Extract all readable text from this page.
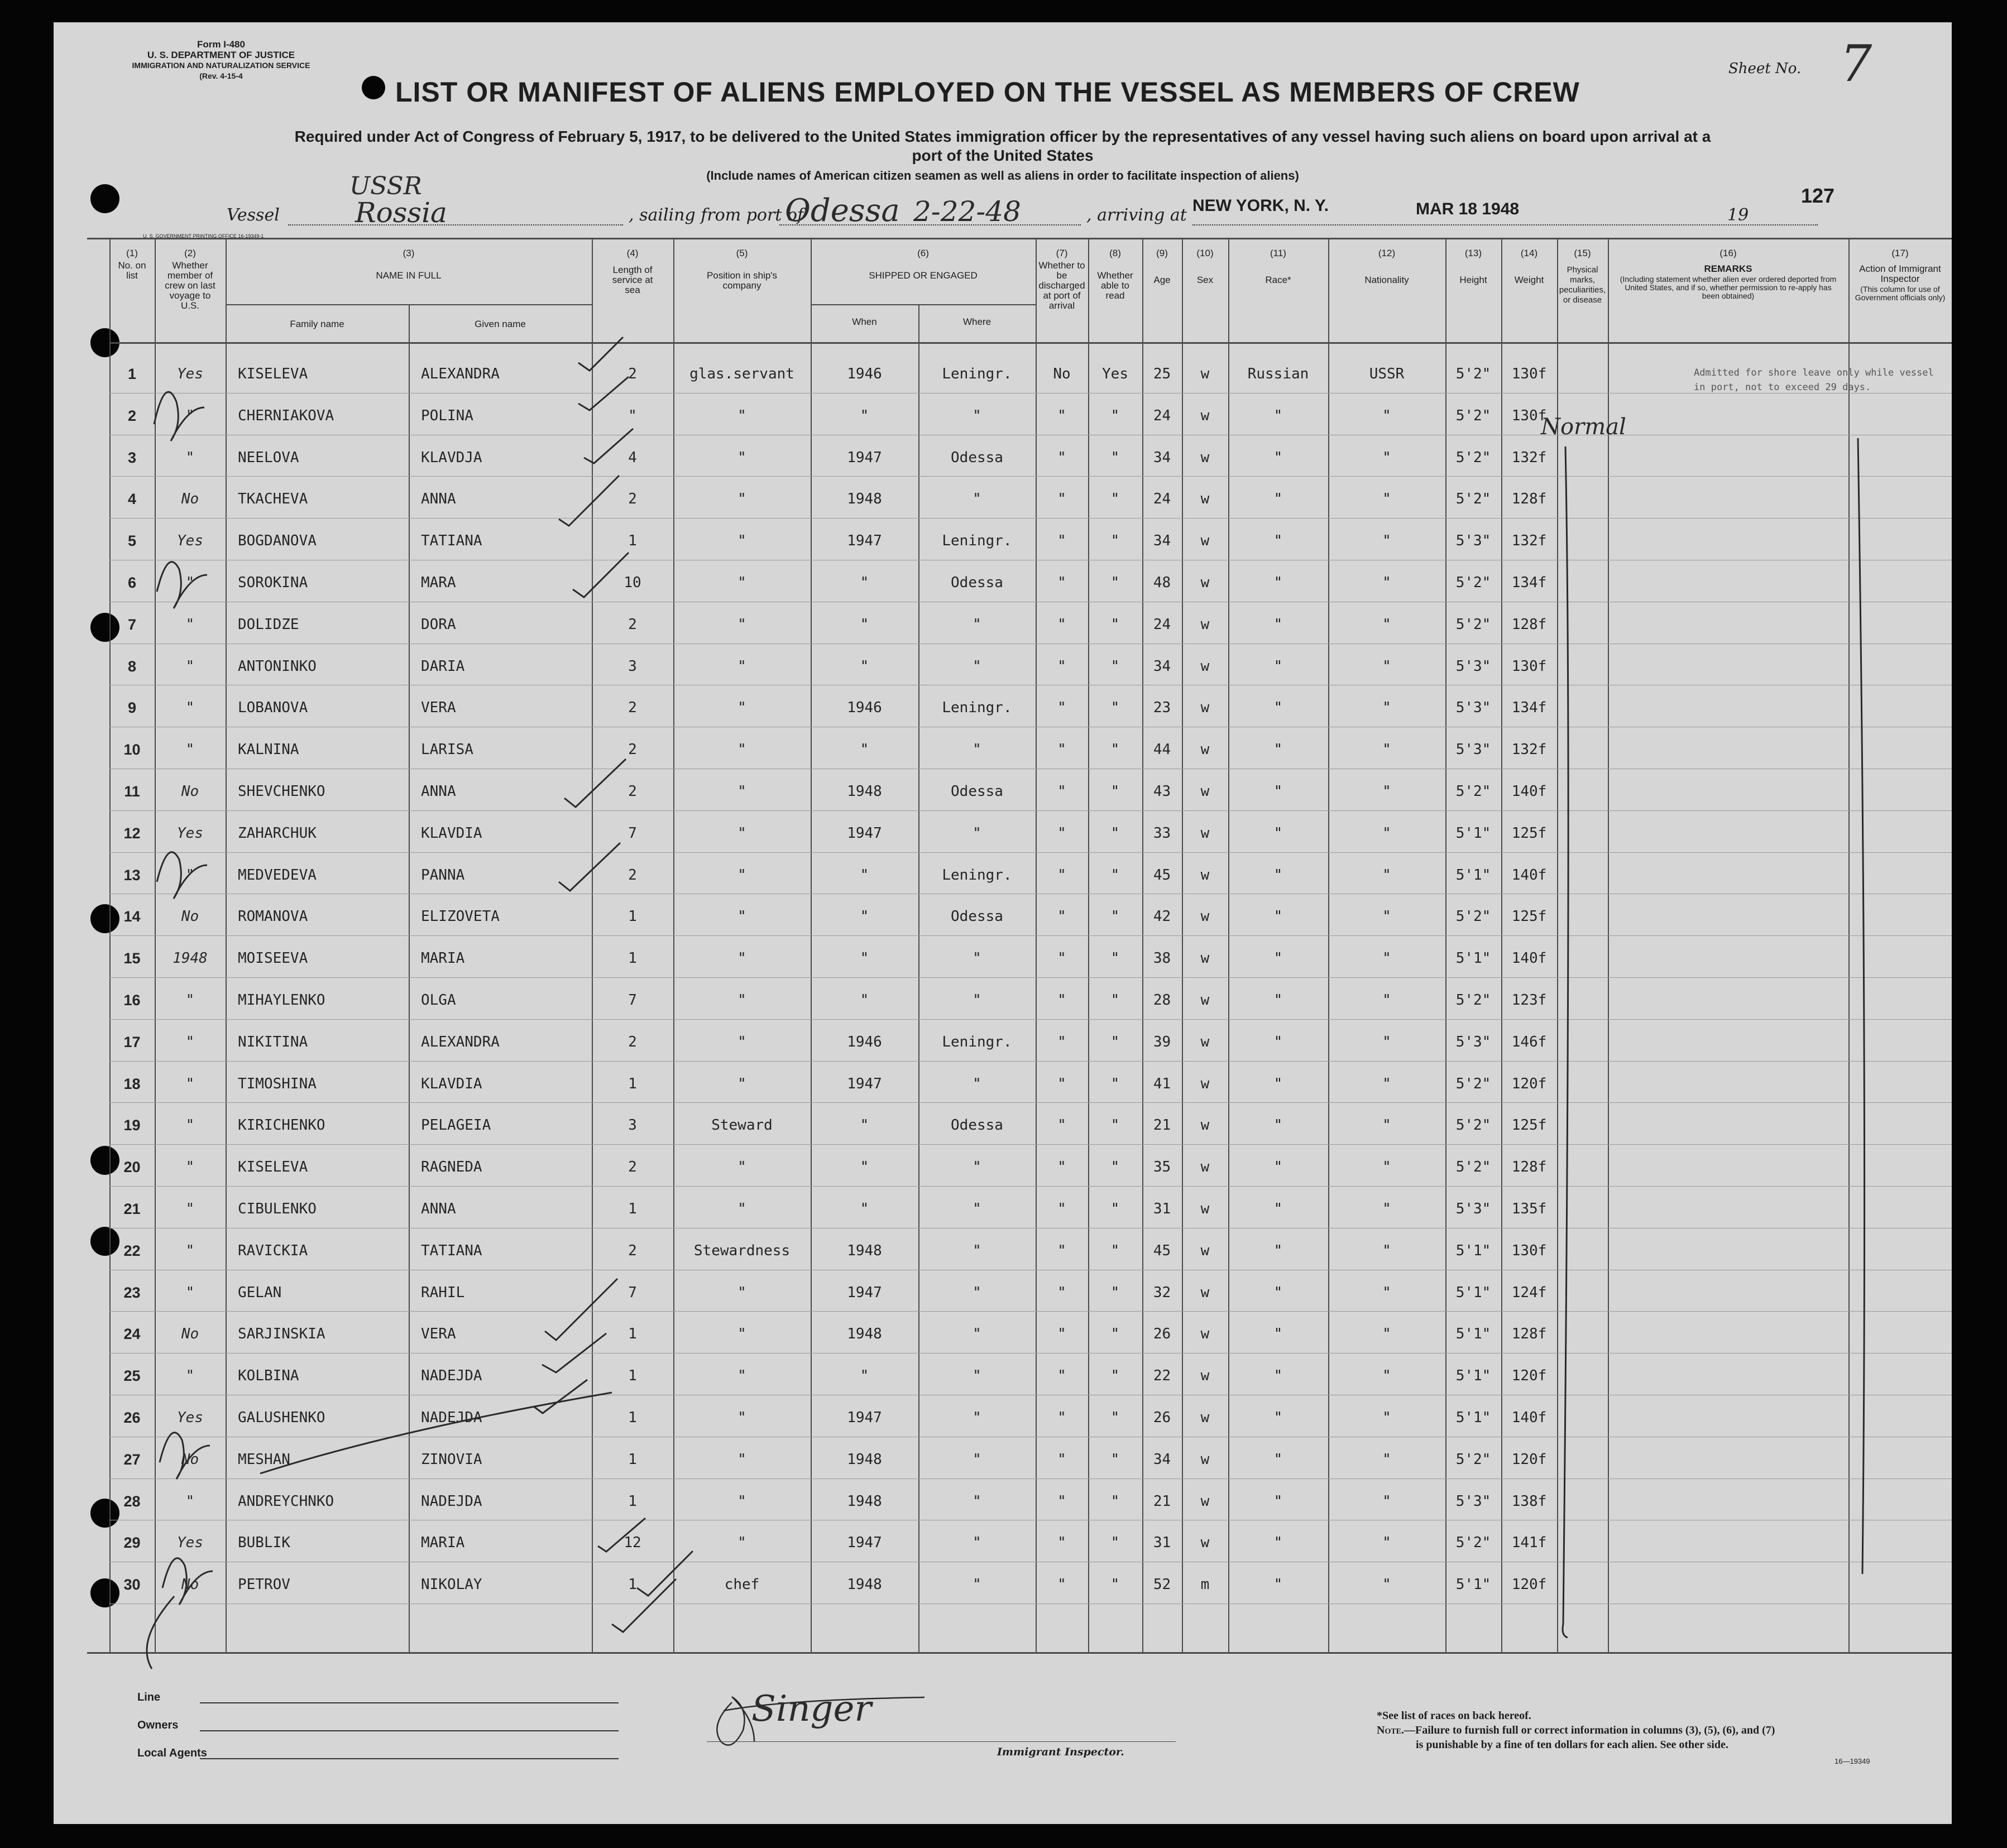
Form I-480
U. S. DEPARTMENT OF JUSTICE
IMMIGRATION AND NATURALIZATION SERVICE
(Rev. 4-15-4	Sheet No. 7
LIST OR MANIFEST OF ALIENS EMPLOYED ON THE VESSEL AS MEMBERS OF CREW
Required under Act of Congress of February 5, 1917, to be delivered to the United States immigration officer by the representatives of any vessel having such aliens on board upon arrival at a
port of the United States
(Include names of American citizen seamen as well as aliens in order to facilitate inspection of aliens)
Vessel
USSR
Rossia	, sailing from port of
Odessa 2-22-48	, arriving at NEW YORK, N. Y.	MAR 18 1948	19
127
U. S. GOVERNMENT PRINTING OFFICE 16-19349-1
(1)
No. on list
(2)
Whether member of crew on last voyage to U.S.
(3)
NAME IN FULL
Family name	Given name
(4)
Length of service at sea
(5)
Position in ship's company
(6)
SHIPPED OR ENGAGED
When	Where
(7)
Whether to be discharged at port of arrival
(8)
Whether able to read
(9)
Age
(10)
Sex
(11)
Race*
(12)
Nationality
(13)
Height
(14)
Weight
(15)
Physical marks, peculiarities, or disease
(16)
REMARKS
(Including statement whether alien ever ordered deported from United States, and if so, whether permission to re-apply has been obtained)
(17)
Action of Immigrant Inspector
(This column for use of Government officials only)
1	Yes	KISELEVA	ALEXANDRA	2	glas.servant	1946	Leningr.	No	Yes	25	w	Russian	USSR	5'2"	130f
2	"	CHERNIAKOVA	POLINA	"	"	"	"	"	"	24	w	"	"	5'2"	130f
3	"	NEELOVA	KLAVDJA	4	"	1947	Odessa	"	"	34	w	"	"	5'2"	132f
4	No	TKACHEVA	ANNA	2	"	1948	"	"	"	24	w	"	"	5'2"	128f
5	Yes	BOGDANOVA	TATIANA	1	"	1947	Leningr.	"	"	34	w	"	"	5'3"	132f
6	"	SOROKINA	MARA	10	"	"	Odessa	"	"	48	w	"	"	5'2"	134f
7	"	DOLIDZE	DORA	2	"	"	"	"	"	24	w	"	"	5'2"	128f
8	"	ANTONINKO	DARIA	3	"	"	"	"	"	34	w	"	"	5'3"	130f
9	"	LOBANOVA	VERA	2	"	1946	Leningr.	"	"	23	w	"	"	5'3"	134f
10	"	KALNINA	LARISA	2	"	"	"	"	"	44	w	"	"	5'3"	132f
11	No	SHEVCHENKO	ANNA	2	"	1948	Odessa	"	"	43	w	"	"	5'2"	140f
12	Yes	ZAHARCHUK	KLAVDIA	7	"	1947	"	"	"	33	w	"	"	5'1"	125f
13	"	MEDVEDEVA	PANNA	2	"	"	Leningr.	"	"	45	w	"	"	5'1"	140f
14	No	ROMANOVA	ELIZOVETA	1	"	"	Odessa	"	"	42	w	"	"	5'2"	125f
15	1948	MOISEEVA	MARIA	1	"	"	"	"	"	38	w	"	"	5'1"	140f
16	"	MIHAYLENKO	OLGA	7	"	"	"	"	"	28	w	"	"	5'2"	123f
17	"	NIKITINA	ALEXANDRA	2	"	1946	Leningr.	"	"	39	w	"	"	5'3"	146f
18	"	TIMOSHINA	KLAVDIA	1	"	1947	"	"	"	41	w	"	"	5'2"	120f
19	"	KIRICHENKO	PELAGEIA	3	Steward	"	Odessa	"	"	21	w	"	"	5'2"	125f
20	"	KISELEVA	RAGNEDA	2	"	"	"	"	"	35	w	"	"	5'2"	128f
21	"	CIBULENKO	ANNA	1	"	"	"	"	"	31	w	"	"	5'3"	135f
22	"	RAVICKIA	TATIANA	2	Stewardness	1948	"	"	"	45	w	"	"	5'1"	130f
23	"	GELAN	RAHIL	7	"	1947	"	"	"	32	w	"	"	5'1"	124f
24	No	SARJINSKIA	VERA	1	"	1948	"	"	"	26	w	"	"	5'1"	128f
25	"	KOLBINA	NADEJDA	1	"	"	"	"	"	22	w	"	"	5'1"	120f
26	Yes	GALUSHENKO	NADEJDA	1	"	1947	"	"	"	26	w	"	"	5'1"	140f
27	No	MESHAN	ZINOVIA	1	"	1948	"	"	"	34	w	"	"	5'2"	120f
28	"	ANDREYCHNKO	NADEJDA	1	"	1948	"	"	"	21	w	"	"	5'3"	138f
29	Yes	BUBLIK	MARIA	12	"	1947	"	"	"	31	w	"	"	5'2"	141f
30	No	PETROV	NIKOLAY	1	chef	1948	"	"	"	52	m	"	"	5'1"	120f
Normal
Admitted for shore leave only while vessel in port, not to exceed 29 days.
Line
Owners
Local Agents
Singer
Immigrant Inspector.
*See list of races on back hereof.
Note.—Failure to furnish full or correct information in columns (3), (5), (6), and (7)
is punishable by a fine of ten dollars for each alien. See other side.
16—19349
